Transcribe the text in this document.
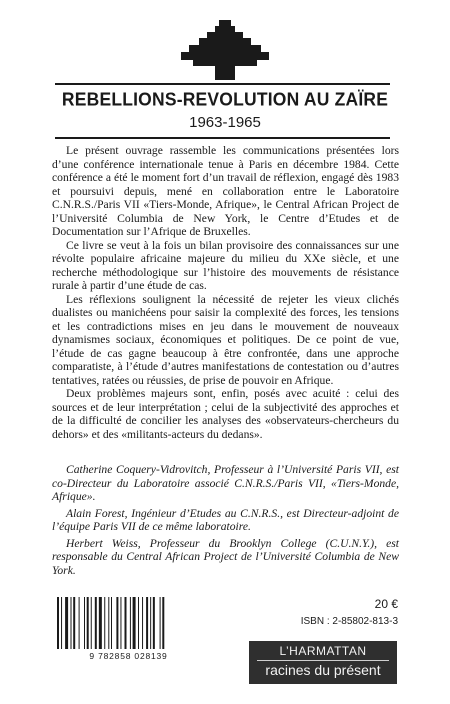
REBELLIONS-REVOLUTION AU ZAÏRE
1963-1965

Le présent ouvrage rassemble les communications présentées lors d’une conférence internationale tenue à Paris en décembre 1984. Cette conférence a été le moment fort d’un travail de réflexion, engagé dès 1983 et poursuivi depuis, mené en collaboration entre le Laboratoire C.N.R.S./Paris VII «Tiers-Monde, Afrique», le Central African Project de l’Université Columbia de New York, le Centre d’Etudes et de Documentation sur l’Afrique de Bruxelles.

Ce livre se veut à la fois un bilan provisoire des connaissances sur une révolte populaire africaine majeure du milieu du XXe siècle, et une recherche méthodologique sur l’histoire des mouvements de résistance rurale à partir d’une étude de cas.

Les réflexions soulignent la nécessité de rejeter les vieux clichés dualistes ou manichéens pour saisir la complexité des forces, les tensions et les contradictions mises en jeu dans le mouvement de nouveaux dynamismes sociaux, économiques et politiques. De ce point de vue, l’étude de cas gagne beaucoup à être confrontée, dans une approche comparatiste, à l’étude d’autres manifestations de contestation ou d’autres tentatives, ratées ou réussies, de prise de pouvoir en Afrique.

Deux problèmes majeurs sont, enfin, posés avec acuité : celui des sources et de leur interprétation ; celui de la subjectivité des approches et de la difficulté de concilier les analyses des «observateurs-chercheurs du dehors» et des «militants-acteurs du dedans».

Catherine Coquery-Vidrovitch, Professeur à l’Université Paris VII, est co-Directeur du Laboratoire associé C.N.R.S./Paris VII, «Tiers-Monde, Afrique».

Alain Forest, Ingénieur d’Etudes au C.N.R.S., est Directeur-adjoint de l’équipe Paris VII de ce même laboratoire.

Herbert Weiss, Professeur du Brooklyn College (C.U.N.Y.), est responsable du Central African Project de l’Université Columbia de New York.

9 782858 028139
20 €
ISBN : 2-85802-813-3
L’HARMATTAN
racines du présent
